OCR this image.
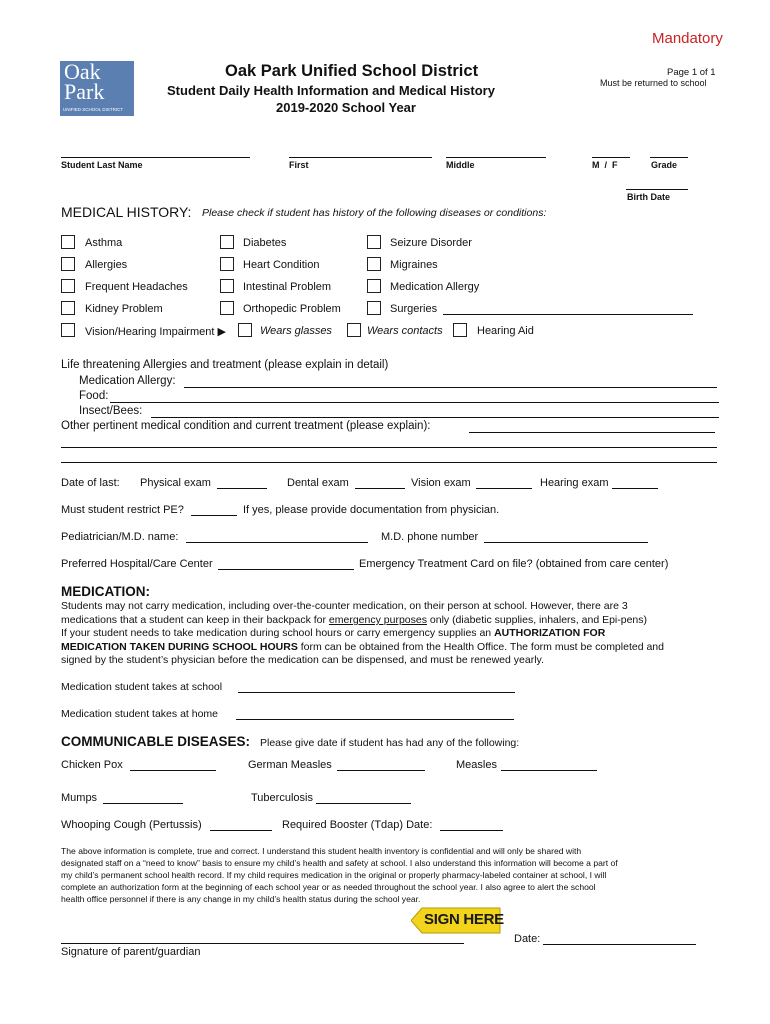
Mandatory
Oak
Park
UNIFIED SCHOOL DISTRICT
Oak Park Unified School District
Student Daily Health Information and Medical History
2019-2020 School Year
Page 1 of 1
Must be returned to school
Student Last Name	First	Middle	M  /  F	Grade
Birth Date
MEDICAL HISTORY: Please check if student has history of the following diseases or conditions:
Asthma	Diabetes	Seizure Disorder
Allergies	Heart Condition	Migraines
Frequent Headaches	Intestinal Problem	Medication Allergy
Kidney Problem	Orthopedic Problem	Surgeries
Vision/Hearing Impairment ▶	Wears glasses	Wears contacts	Hearing Aid
Life threatening Allergies and treatment (please explain in detail)
Medication Allergy:
Food:
Insect/Bees:
Other pertinent medical condition and current treatment (please explain):
Date of last: Physical exam	Dental exam	Vision exam	Hearing exam
Must student restrict PE?	If yes, please provide documentation from physician.
Pediatrician/M.D. name:	M.D. phone number
Preferred Hospital/Care Center	Emergency Treatment Card on file? (obtained from care center)
MEDICATION:
Students may not carry medication, including over-the-counter medication, on their person at school. However, there are 3
medications that a student can keep in their backpack for emergency purposes only (diabetic supplies, inhalers, and Epi-pens)
If your student needs to take medication during school hours or carry emergency supplies an AUTHORIZATION FOR
MEDICATION TAKEN DURING SCHOOL HOURS form can be obtained from the Health Office. The form must be completed and
signed by the student’s physician before the medication can be dispensed, and must be renewed yearly.
Medication student takes at school
Medication student takes at home
COMMUNICABLE DISEASES: Please give date if student has had any of the following:
Chicken Pox	German Measles	Measles
Mumps	Tuberculosis
Whooping Cough (Pertussis)	Required Booster (Tdap) Date:
The above information is complete, true and correct. I understand this student health inventory is confidential and will only be shared with
designated staff on a “need to know” basis to ensure my child’s health and safety at school. I also understand this information will become a part of
my child’s permanent school health record. If my child requires medication in the original or properly pharmacy-labeled container at school, I will
complete an authorization form at the beginning of each school year or as needed throughout the school year. I also agree to alert the school
health office personnel if there is any change in my child’s health status during the school year.
SIGN HERE
Signature of parent/guardian
Date:
